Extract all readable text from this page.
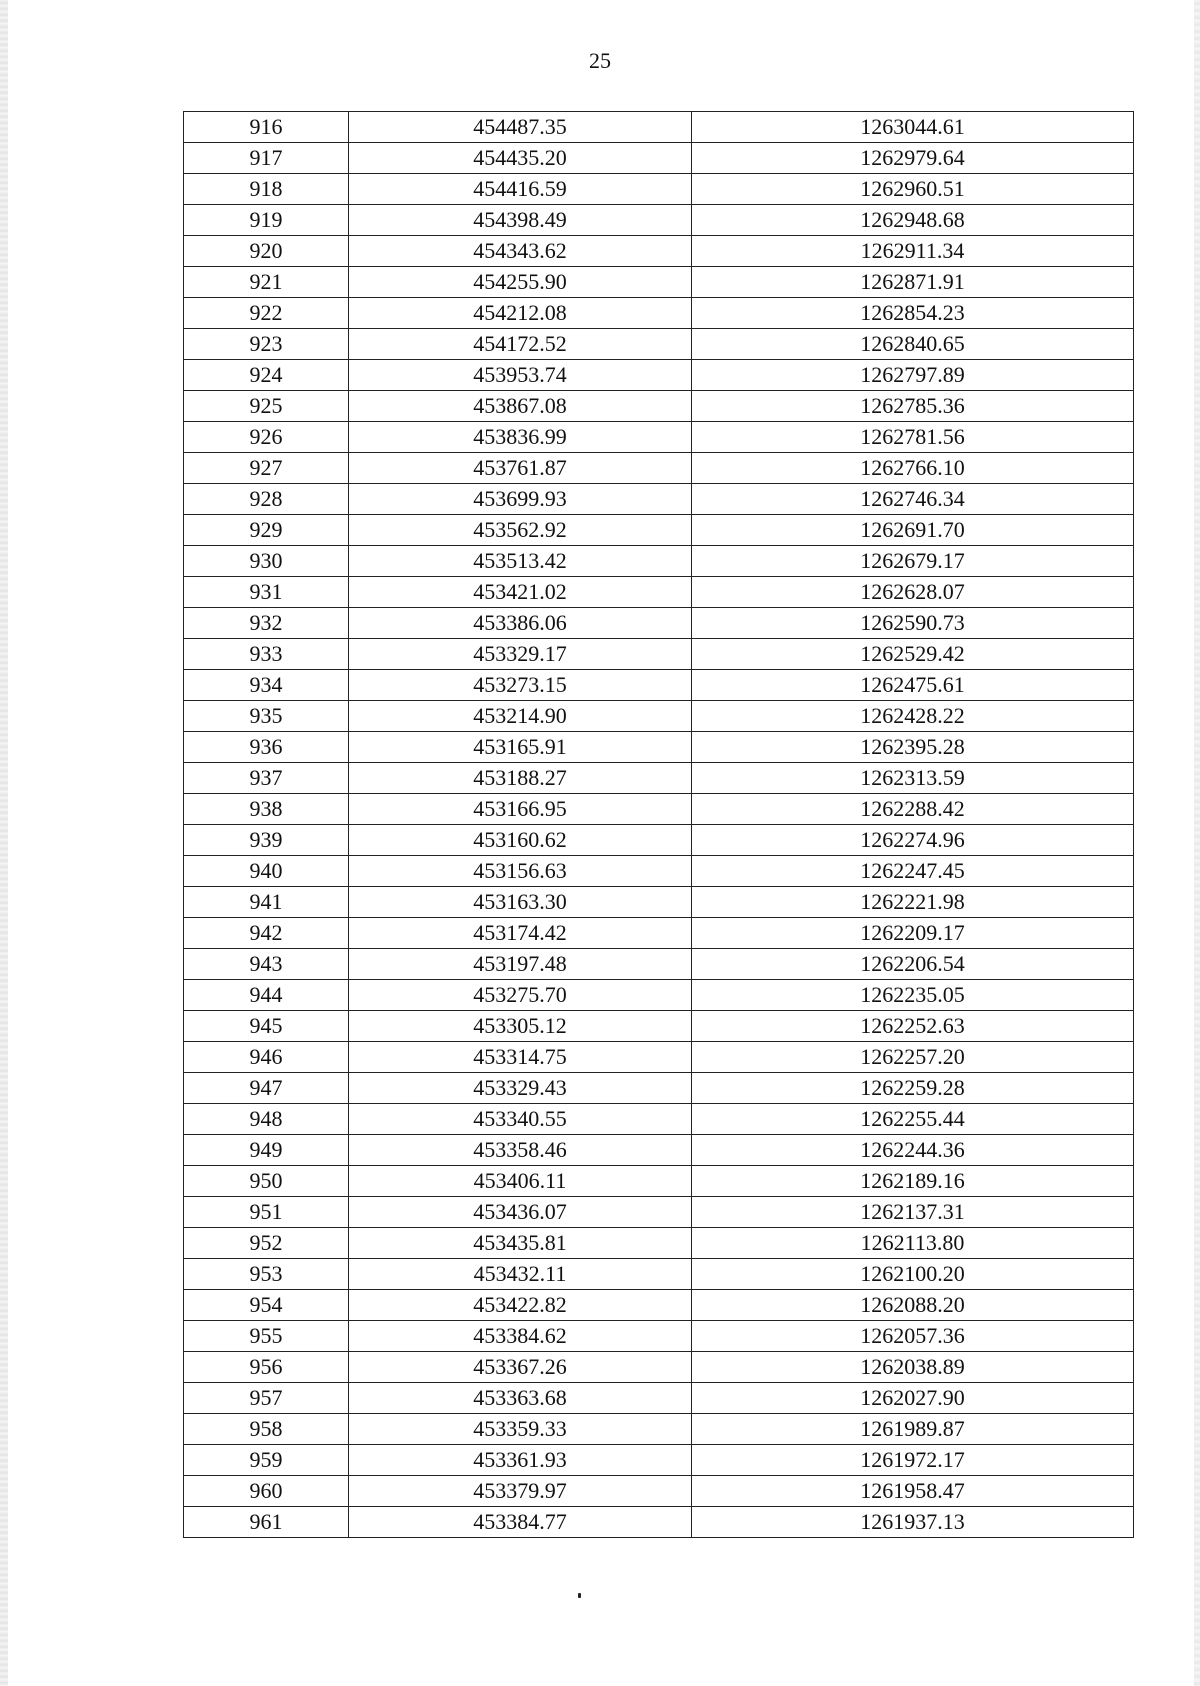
25
916	454487.35	1263044.61
917	454435.20	1262979.64
918	454416.59	1262960.51
919	454398.49	1262948.68
920	454343.62	1262911.34
921	454255.90	1262871.91
922	454212.08	1262854.23
923	454172.52	1262840.65
924	453953.74	1262797.89
925	453867.08	1262785.36
926	453836.99	1262781.56
927	453761.87	1262766.10
928	453699.93	1262746.34
929	453562.92	1262691.70
930	453513.42	1262679.17
931	453421.02	1262628.07
932	453386.06	1262590.73
933	453329.17	1262529.42
934	453273.15	1262475.61
935	453214.90	1262428.22
936	453165.91	1262395.28
937	453188.27	1262313.59
938	453166.95	1262288.42
939	453160.62	1262274.96
940	453156.63	1262247.45
941	453163.30	1262221.98
942	453174.42	1262209.17
943	453197.48	1262206.54
944	453275.70	1262235.05
945	453305.12	1262252.63
946	453314.75	1262257.20
947	453329.43	1262259.28
948	453340.55	1262255.44
949	453358.46	1262244.36
950	453406.11	1262189.16
951	453436.07	1262137.31
952	453435.81	1262113.80
953	453432.11	1262100.20
954	453422.82	1262088.20
955	453384.62	1262057.36
956	453367.26	1262038.89
957	453363.68	1262027.90
958	453359.33	1261989.87
959	453361.93	1261972.17
960	453379.97	1261958.47
961	453384.77	1261937.13
